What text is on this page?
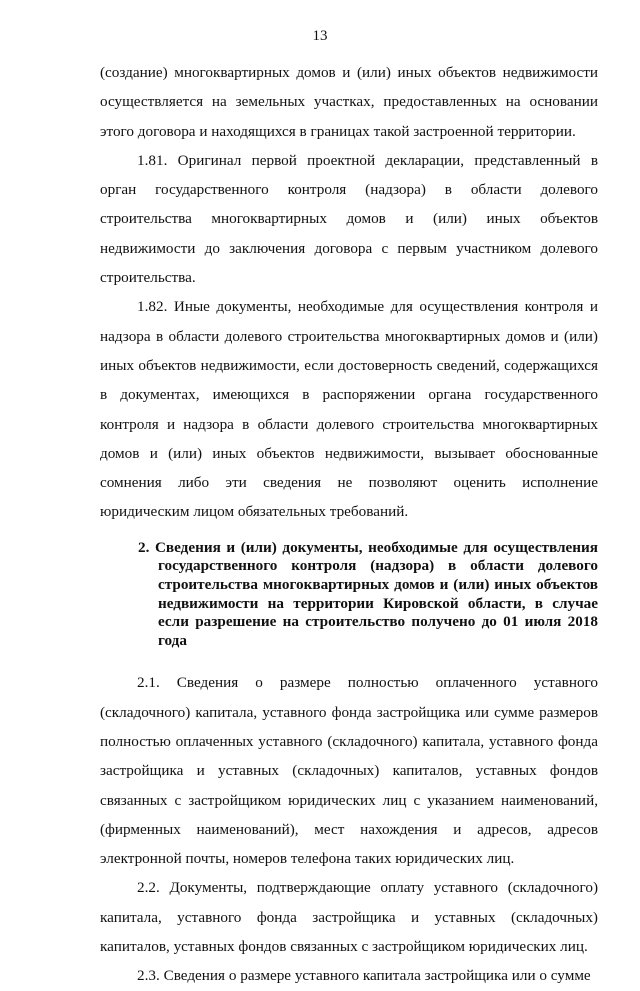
13

(создание) многоквартирных домов и (или) иных объектов недвижимости осуществляется на земельных участках, предоставленных на основании этого договора и находящихся в границах такой застроенной территории.

1.81. Оригинал первой проектной декларации, представленный в орган государственного контроля (надзора) в области долевого строительства многоквартирных домов и (или) иных объектов недвижимости до заключения договора с первым участником долевого строительства.

1.82. Иные документы, необходимые для осуществления контроля и надзора в области долевого строительства многоквартирных домов и (или) иных объектов недвижимости, если достоверность сведений, содержащихся в документах, имеющихся в распоряжении органа государственного контроля и надзора в области долевого строительства многоквартирных домов и (или) иных объектов недвижимости, вызывает обоснованные сомнения либо эти сведения не позволяют оценить исполнение юридическим лицом обязательных требований.

2. Сведения и (или) документы, необходимые для осуществления государственного контроля (надзора) в области долевого строительства многоквартирных домов и (или) иных объектов недвижимости на территории Кировской области, в случае если разрешение на строительство получено до 01 июля 2018 года

2.1. Сведения о размере полностью оплаченного уставного (складочного) капитала, уставного фонда застройщика или сумме размеров полностью оплаченных уставного (складочного) капитала, уставного фонда застройщика и уставных (складочных) капиталов, уставных фондов связанных с застройщиком юридических лиц с указанием наименований, (фирменных наименований), мест нахождения и адресов, адресов электронной почты, номеров телефона таких юридических лиц.

2.2. Документы, подтверждающие оплату уставного (складочного) капитала, уставного фонда застройщика и уставных (складочных) капиталов, уставных фондов связанных с застройщиком юридических лиц.

2.3. Сведения о размере уставного капитала застройщика или о сумме
